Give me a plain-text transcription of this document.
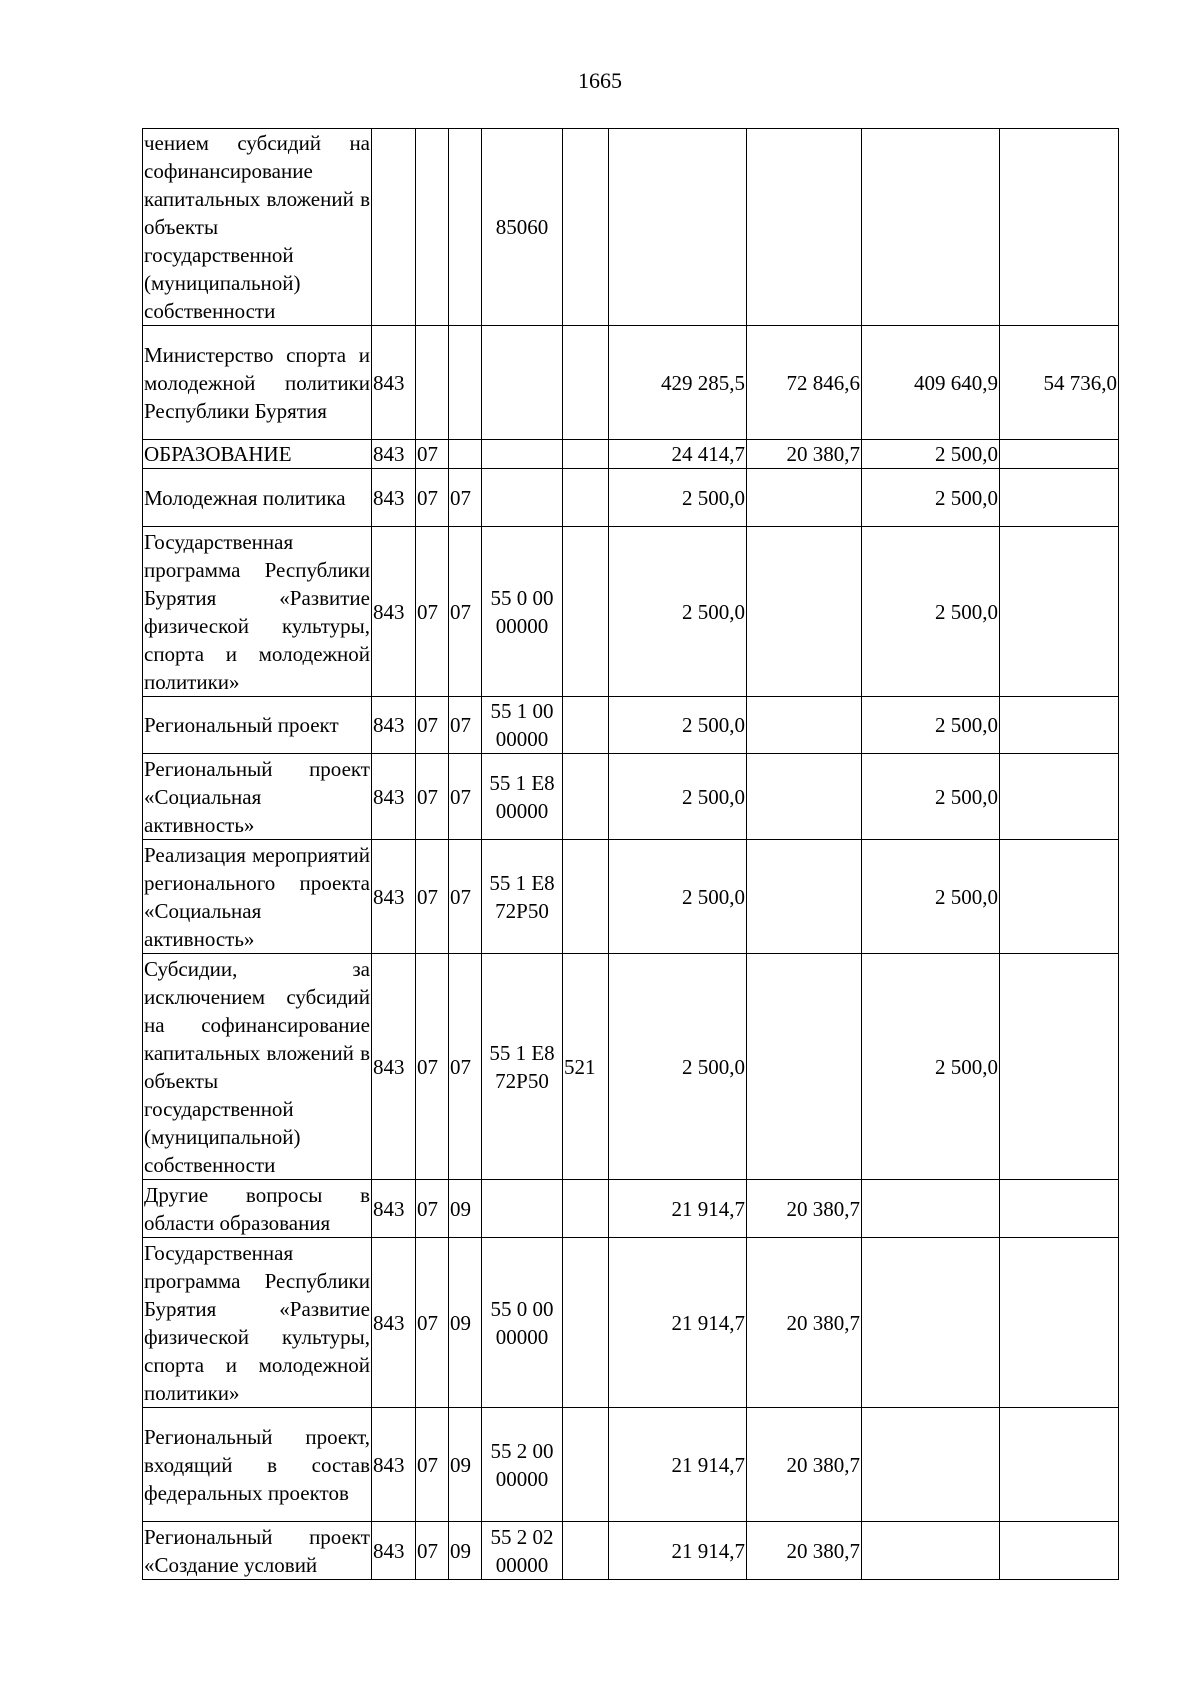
1665
чением субсидий на софинансирование капитальных вложений в объекты государственной (муниципальной) собственности				85060					
Министерство спорта и молодежной политики Республики Бурятия	843					429 285,5	72 846,6	409 640,9	54 736,0
ОБРАЗОВАНИЕ	843	07				24 414,7	20 380,7	2 500,0	
Молодежная политика	843	07	07			2 500,0		2 500,0	
Государственная программа Республики Бурятия «Развитие физической культуры, спорта и молодежной политики»	843	07	07	55 0 00 00000		2 500,0		2 500,0	
Региональный проект	843	07	07	55 1 00 00000		2 500,0		2 500,0	
Региональный проект «Социальная активность»	843	07	07	55 1 E8 00000		2 500,0		2 500,0	
Реализация мероприятий регионального проекта «Социальная активность»	843	07	07	55 1 E8 72P50		2 500,0		2 500,0	
Субсидии, за исключением субсидий на софинансирование капитальных вложений в объекты государственной (муниципальной) собственности	843	07	07	55 1 E8 72P50	521	2 500,0		2 500,0	
Другие вопросы в области образования	843	07	09			21 914,7	20 380,7		
Государственная программа Республики Бурятия «Развитие физической культуры, спорта и молодежной политики»	843	07	09	55 0 00 00000		21 914,7	20 380,7		
Региональный проект, входящий в состав федеральных проектов	843	07	09	55 2 00 00000		21 914,7	20 380,7		
Региональный проект «Создание условий	843	07	09	55 2 02 00000		21 914,7	20 380,7		
